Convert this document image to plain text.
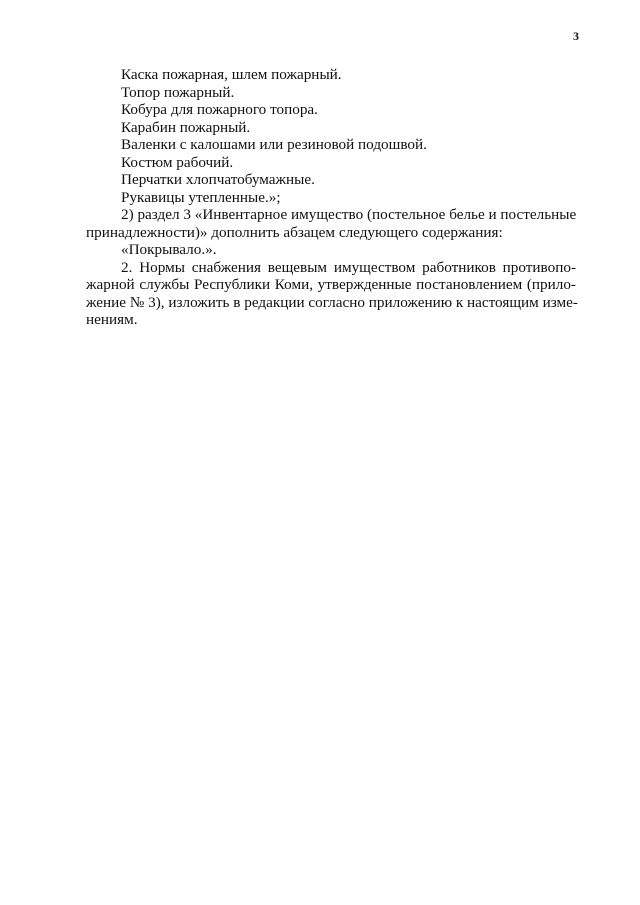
3
Каска пожарная, шлем пожарный.
Топор пожарный.
Кобура для пожарного топора.
Карабин пожарный.
Валенки с калошами или резиновой подошвой.
Костюм рабочий.
Перчатки хлопчатобумажные.
Рукавицы утепленные.»;
2) раздел 3 «Инвентарное имущество (постельное белье и постельные
принадлежности)» дополнить абзацем следующего содержания:
«Покрывало.».
2. Нормы снабжения вещевым имуществом работников противопо-
жарной службы Республики Коми, утвержденные постановлением (прило-
жение № 3), изложить в редакции согласно приложению к настоящим изме-
нениям.
